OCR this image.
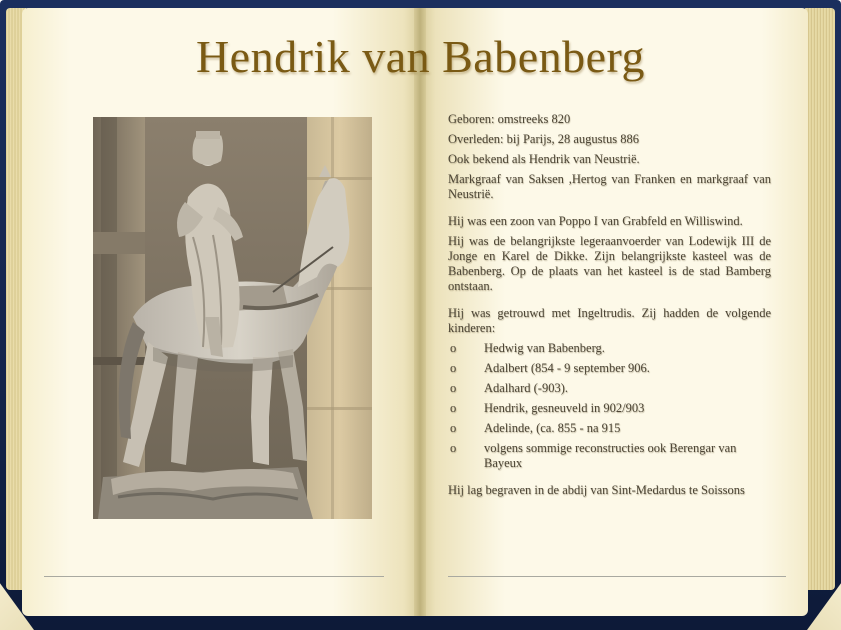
Hendrik van Babenberg

Geboren: omstreeks 820

Overleden: bij Parijs, 28 augustus 886

Ook bekend als Hendrik van Neustrië.

Markgraaf van Saksen ,Hertog van Franken en markgraaf van Neustrië.

Hij was een zoon van Poppo I van Grabfeld en Williswind.

Hij was de belangrijkste legeraanvoerder van Lodewijk III de Jonge en Karel de Dikke. Zijn belangrijkste kasteel was de Babenberg. Op de plaats van het kasteel is de stad Bamberg ontstaan.

Hij was getrouwd met Ingeltrudis. Zij hadden de volgende kinderen:

o Hedwig van Babenberg.
o Adalbert (854 - 9 september 906.
o Adalhard (-903).
o Hendrik, gesneuveld in 902/903
o Adelinde, (ca. 855 - na 915
o volgens sommige reconstructies ook Berengar van Bayeux

Hij lag begraven in de abdij van Sint-Medardus te Soissons
